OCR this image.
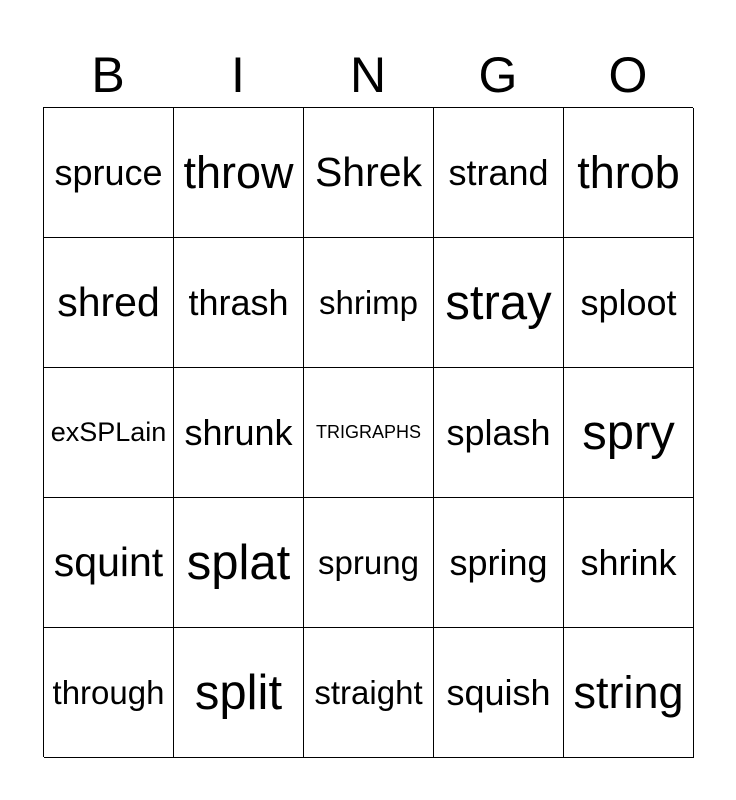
B	I	N	G	O
spruce throw Shrek strand throb
shred thrash shrimp stray sploot
exSPLain shrunk	TRIGRAPHS splash spry
squint splat sprung spring shrink
through split straight squish string
